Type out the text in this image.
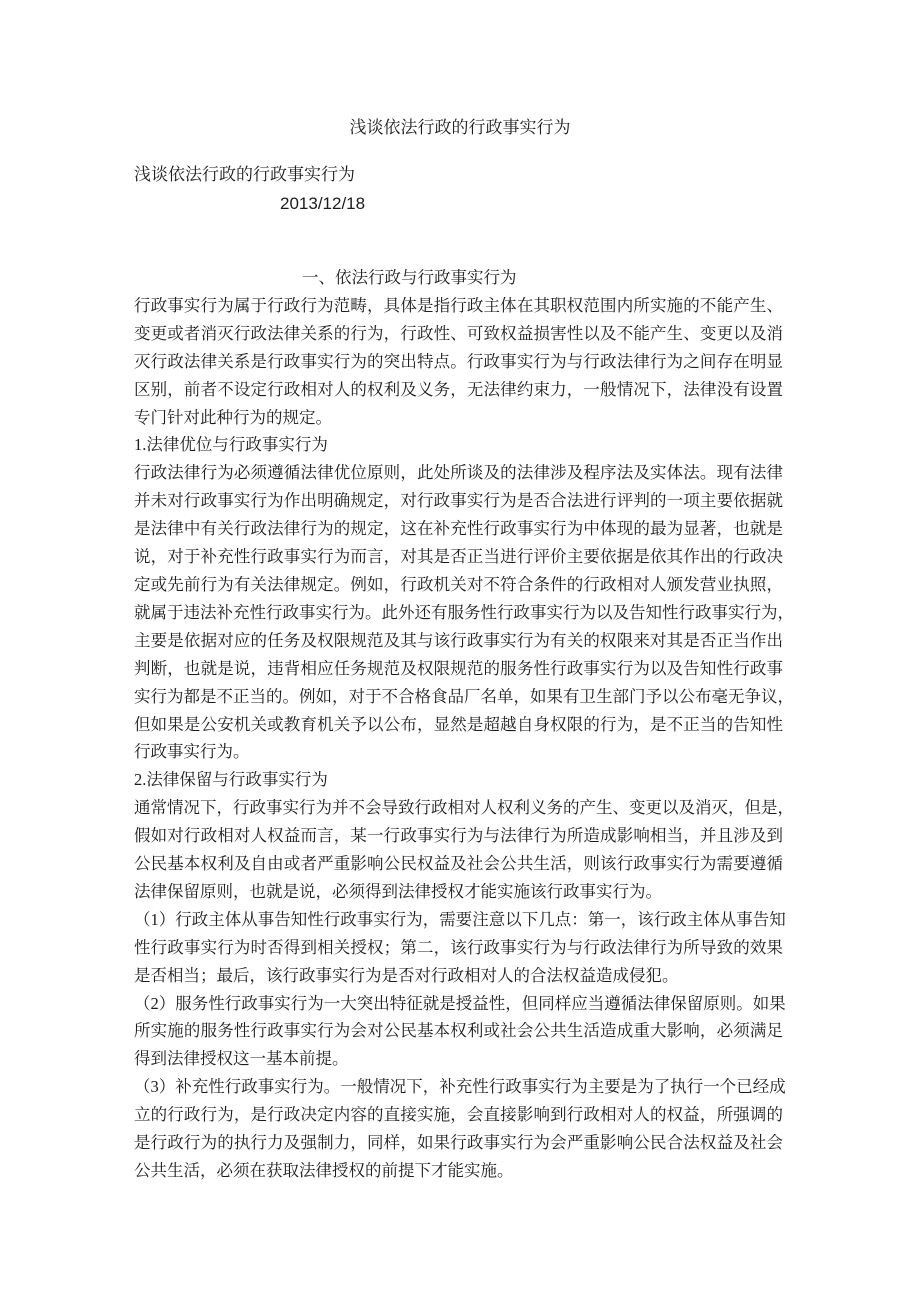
浅谈依法行政的行政事实行为
浅谈依法行政的行政事实行为
2013/12/18
一、依法行政与行政事实行为
行政事实行为属于行政行为范畴，具体是指行政主体在其职权范围内所实施的不能产生、
变更或者消灭行政法律关系的行为，行政性、可致权益损害性以及不能产生、变更以及消
灭行政法律关系是行政事实行为的突出特点。行政事实行为与行政法律行为之间存在明显
区别，前者不设定行政相对人的权利及义务，无法律约束力，一般情况下，法律没有设置
专门针对此种行为的规定。
1.法律优位与行政事实行为
行政法律行为必须遵循法律优位原则，此处所谈及的法律涉及程序法及实体法。现有法律
并未对行政事实行为作出明确规定，对行政事实行为是否合法进行评判的一项主要依据就
是法律中有关行政法律行为的规定，这在补充性行政事实行为中体现的最为显著，也就是
说，对于补充性行政事实行为而言，对其是否正当进行评价主要依据是依其作出的行政决
定或先前行为有关法律规定。例如，行政机关对不符合条件的行政相对人颁发营业执照，
就属于违法补充性行政事实行为。此外还有服务性行政事实行为以及告知性行政事实行为，
主要是依据对应的任务及权限规范及其与该行政事实行为有关的权限来对其是否正当作出
判断，也就是说，违背相应任务规范及权限规范的服务性行政事实行为以及告知性行政事
实行为都是不正当的。例如，对于不合格食品厂名单，如果有卫生部门予以公布毫无争议，
但如果是公安机关或教育机关予以公布，显然是超越自身权限的行为，是不正当的告知性
行政事实行为。
2.法律保留与行政事实行为
通常情况下，行政事实行为并不会导致行政相对人权利义务的产生、变更以及消灭，但是，
假如对行政相对人权益而言，某一行政事实行为与法律行为所造成影响相当，并且涉及到
公民基本权利及自由或者严重影响公民权益及社会公共生活，则该行政事实行为需要遵循
法律保留原则，也就是说，必须得到法律授权才能实施该行政事实行为。
（1）行政主体从事告知性行政事实行为，需要注意以下几点：第一，该行政主体从事告知
性行政事实行为时否得到相关授权；第二，该行政事实行为与行政法律行为所导致的效果
是否相当；最后，该行政事实行为是否对行政相对人的合法权益造成侵犯。
（2）服务性行政事实行为一大突出特征就是授益性，但同样应当遵循法律保留原则。如果
所实施的服务性行政事实行为会对公民基本权利或社会公共生活造成重大影响，必须满足
得到法律授权这一基本前提。
（3）补充性行政事实行为。一般情况下，补充性行政事实行为主要是为了执行一个已经成
立的行政行为，是行政决定内容的直接实施，会直接影响到行政相对人的权益，所强调的
是行政行为的执行力及强制力，同样，如果行政事实行为会严重影响公民合法权益及社会
公共生活，必须在获取法律授权的前提下才能实施。
